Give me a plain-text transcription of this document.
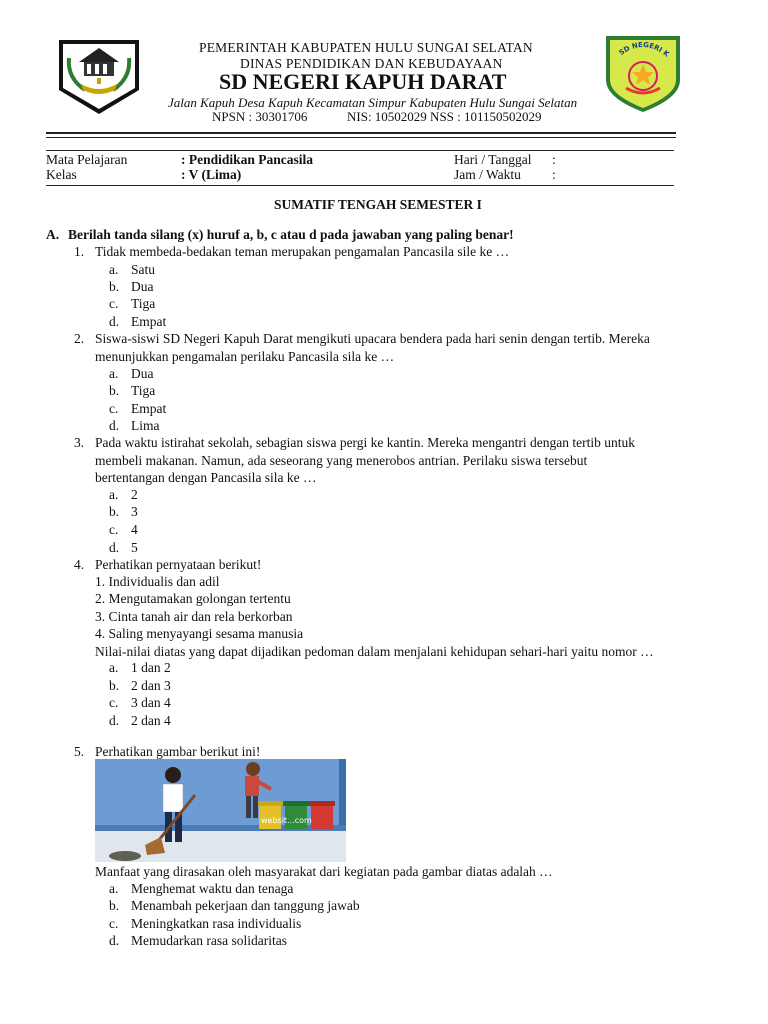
SD NEGERI K
PEMERINTAH KABUPATEN HULU SUNGAI SELATAN
DINAS PENDIDIKAN DAN KEBUDAYAAN
SD NEGERI KAPUH DARAT
Jalan Kapuh Desa Kapuh Kecamatan Simpur Kabupaten Hulu Sungai Selatan
NPSN : 30301706	NIS: 10502029 NSS : 101150502029
Mata Pelajaran	: Pendidikan Pancasila	Hari / Tanggal :
Kelas	: V (Lima)	Jam / Waktu :
SUMATIF TENGAH SEMESTER I
A. Berilah tanda silang (x) huruf a, b, c atau d pada jawaban yang paling benar!
1. Tidak membeda-bedakan teman merupakan pengamalan Pancasila sile ke …
a. Satu
b. Dua
c. Tiga
d. Empat
2. Siswa-siswi SD Negeri Kapuh Darat mengikuti upacara bendera pada hari senin dengan tertib. Mereka
menunjukkan pengamalan perilaku Pancasila sila ke …
a. Dua
b. Tiga
c. Empat
d. Lima
3. Pada waktu istirahat sekolah, sebagian siswa pergi ke kantin. Mereka mengantri dengan tertib untuk
membeli makanan. Namun, ada seseorang yang menerobos antrian. Perilaku siswa tersebut
bertentangan dengan Pancasila sila ke …
a. 2
b. 3
c. 4
d. 5
4. Perhatikan pernyataan berikut!
1. Individualis dan adil
2. Mengutamakan golongan tertentu
3. Cinta tanah air dan rela berkorban
4. Saling menyayangi sesama manusia
Nilai-nilai diatas yang dapat dijadikan pedoman dalam menjalani kehidupan sehari-hari yaitu nomor …
a. 1 dan 2
b. 2 dan 3
c. 3 dan 4
d. 2 dan 4
5. Perhatikan gambar berikut ini!
websit...com
Manfaat yang dirasakan oleh masyarakat dari kegiatan pada gambar diatas adalah …
a. Menghemat waktu dan tenaga
b. Menambah pekerjaan dan tanggung jawab
c. Meningkatkan rasa individualis
d. Memudarkan rasa solidaritas
